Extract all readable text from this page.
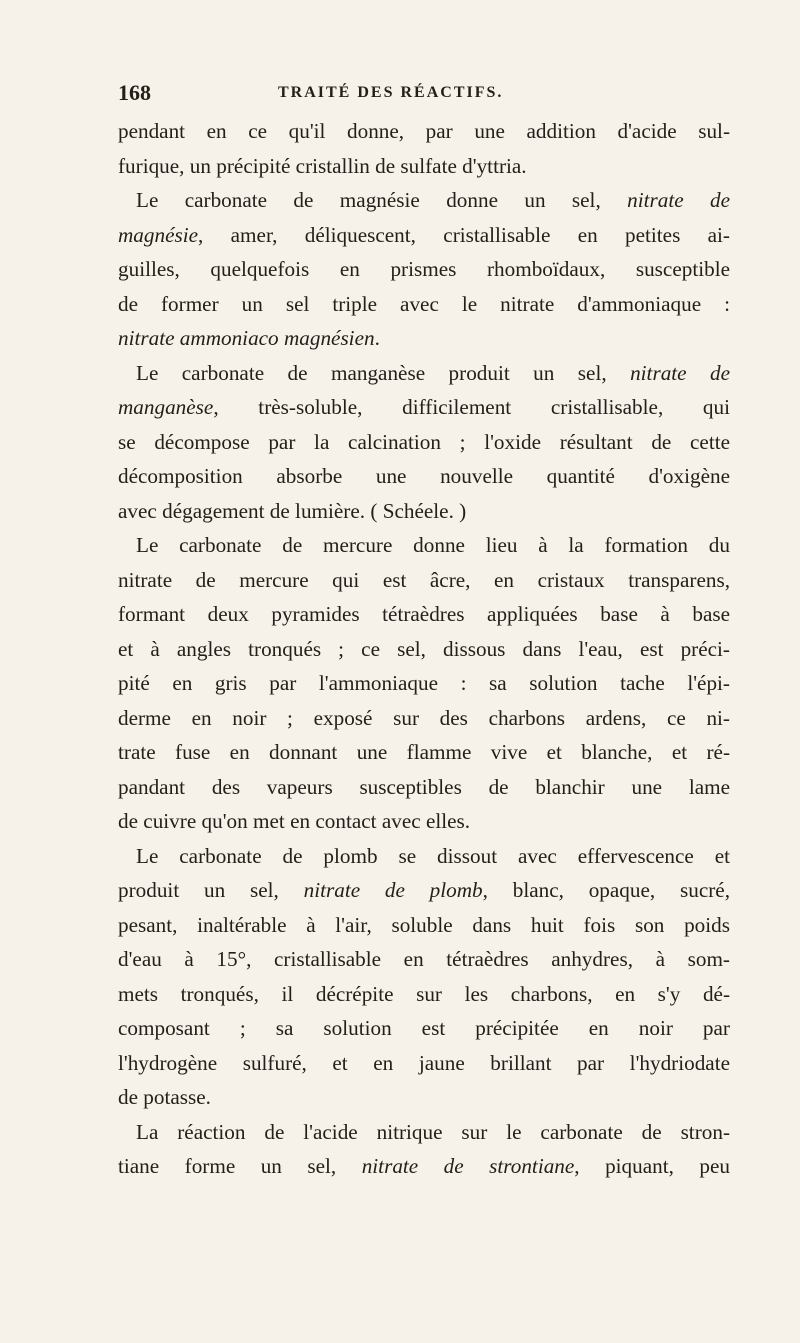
168	TRAITÉ DES RÉACTIFS.
pendant en ce qu'il donne, par une addition d'acide sul-
furique, un précipité cristallin de sulfate d'yttria.
Le carbonate de magnésie donne un sel, nitrate de
magnésie, amer, déliquescent, cristallisable en petites ai-
guilles, quelquefois en prismes rhomboïdaux, susceptible
de former un sel triple avec le nitrate d'ammoniaque :
nitrate ammoniaco magnésien.
Le carbonate de manganèse produit un sel, nitrate de
manganèse, très-soluble, difficilement cristallisable, qui
se décompose par la calcination ; l'oxide résultant de cette
décomposition absorbe une nouvelle quantité d'oxigène
avec dégagement de lumière. ( Schéele. )
Le carbonate de mercure donne lieu à la formation du
nitrate de mercure qui est âcre, en cristaux transparens,
formant deux pyramides tétraèdres appliquées base à base
et à angles tronqués ; ce sel, dissous dans l'eau, est préci-
pité en gris par l'ammoniaque : sa solution tache l'épi-
derme en noir ; exposé sur des charbons ardens, ce ni-
trate fuse en donnant une flamme vive et blanche, et ré-
pandant des vapeurs susceptibles de blanchir une lame
de cuivre qu'on met en contact avec elles.
Le carbonate de plomb se dissout avec effervescence et
produit un sel, nitrate de plomb, blanc, opaque, sucré,
pesant, inaltérable à l'air, soluble dans huit fois son poids
d'eau à 15°, cristallisable en tétraèdres anhydres, à som-
mets tronqués, il décrépite sur les charbons, en s'y dé-
composant ; sa solution est précipitée en noir par
l'hydrogène sulfuré, et en jaune brillant par l'hydriodate
de potasse.
La réaction de l'acide nitrique sur le carbonate de stron-
tiane forme un sel, nitrate de strontiane, piquant, peu
